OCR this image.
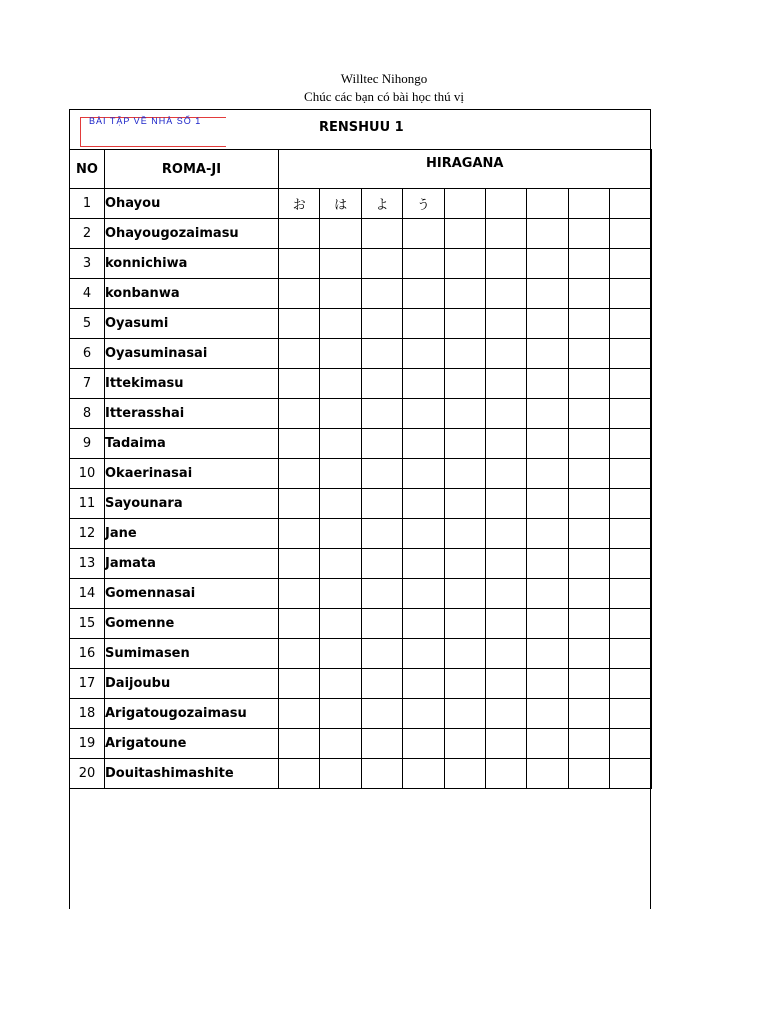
Willtec Nihongo
Chúc các bạn có bài học thú vị
BÀI TẬP VỀ NHÀ SỐ 1	RENSHUU 1
NO	ROMA-JI	HIRAGANA								
1	Ohayou	お	は	よ	う					
2	Ohayougozaimasu									
3	konnichiwa									
4	konbanwa									
5	Oyasumi									
6	Oyasuminasai									
7	Ittekimasu									
8	Itterasshai									
9	Tadaima									
10	Okaerinasai									
11	Sayounara									
12	Jane									
13	Jamata									
14	Gomennasai									
15	Gomenne									
16	Sumimasen									
17	Daijoubu									
18	Arigatougozaimasu									
19	Arigatoune									
20	Douitashimashite									
